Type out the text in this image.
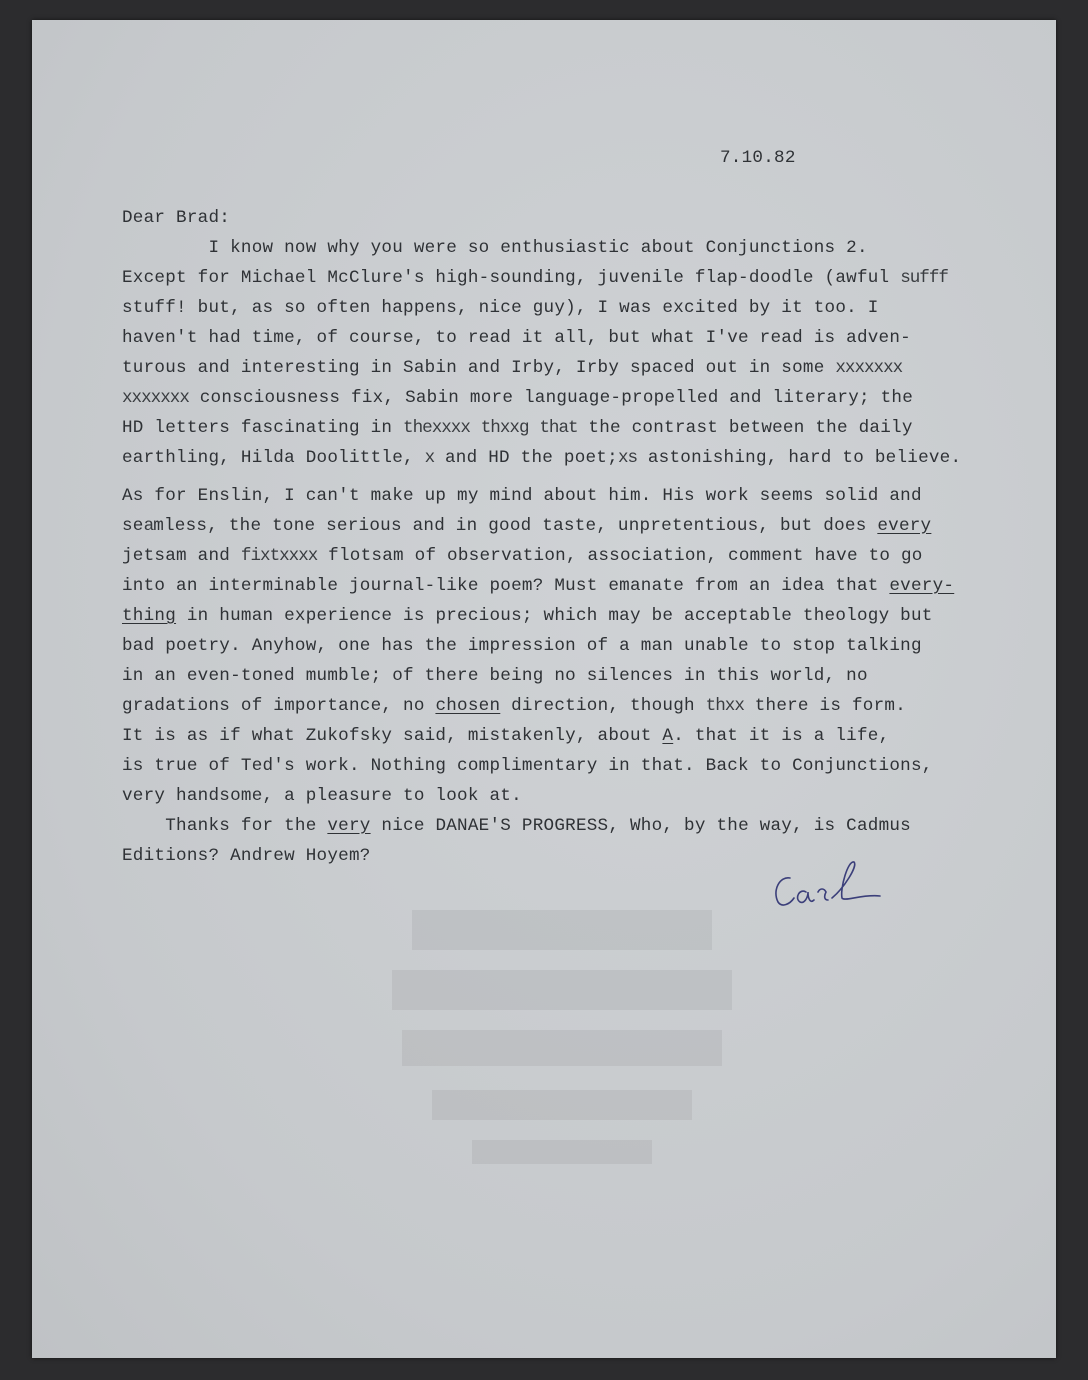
7.10.82
Dear Brad:
I know now why you were so enthusiastic about Conjunctions 2.
Except for Michael McClure's high-sounding, juvenile flap-doodle (awful sufff
stuff! but, as so often happens, nice guy), I was excited by it too. I
haven't had time, of course, to read it all, but what I've read is adven-
turous and interesting in Sabin and Irby, Irby spaced out in some xxxxxxx
xxxxxxx consciousness fix, Sabin more language-propelled and literary; the
HD letters fascinating in thexxxx thxxg that the contrast between the daily
earthling, Hilda Doolittle, x and HD the poet;xs astonishing, hard to believe.
As for Enslin, I can't make up my mind about him. His work seems solid and
seamless, the tone serious and in good taste, unpretentious, but does every
jetsam and fixtxxxx flotsam of observation, association, comment have to go
into an interminable journal-like poem? Must emanate from an idea that every-
thing in human experience is precious; which may be acceptable theology but
bad poetry. Anyhow, one has the impression of a man unable to stop talking
in an even-toned mumble; of there being no silences in this world, no
gradations of importance, no chosen direction, though thxx there is form.
It is as if what Zukofsky said, mistakenly, about A. that it is a life,
is true of Ted's work. Nothing complimentary in that. Back to Conjunctions,
very handsome, a pleasure to look at.
Thanks for the very nice DANAE'S PROGRESS, Who, by the way, is Cadmus
Editions? Andrew Hoyem?
